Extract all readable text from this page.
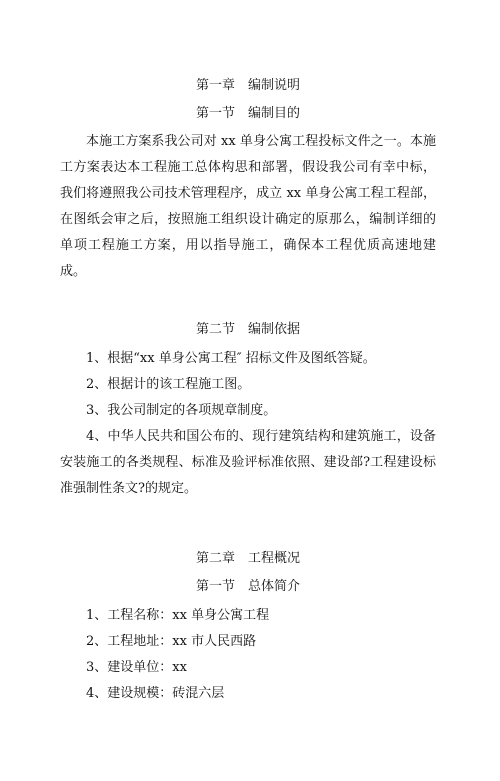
第一章　编制说明
第一节　编制目的

本施工方案系我公司对 xx 单身公寓工程投标文件之一。本施工方案表达本工程施工总体构思和部署，假设我公司有幸中标，我们将遵照我公司技术管理程序，成立 xx 单身公寓工程工程部，在图纸会审之后，按照施工组织设计确定的原那么，编制详细的单项工程施工方案，用以指导施工，确保本工程优质高速地建成。

第二节　编制依据

1、根据“xx 单身公寓工程″ 招标文件及图纸答疑。

2、根据计的该工程施工图。

3、我公司制定的各项规章制度。

4、中华人民共和国公布的、现行建筑结构和建筑施工，设备安装施工的各类规程、标准及验评标准依照、建设部?工程建设标准强制性条文?的规定。

第二章　工程概况
第一节　总体简介

1、工程名称：xx 单身公寓工程

2、工程地址：xx 市人民西路

3、建设单位：xx

4、建设规模：砖混六层
